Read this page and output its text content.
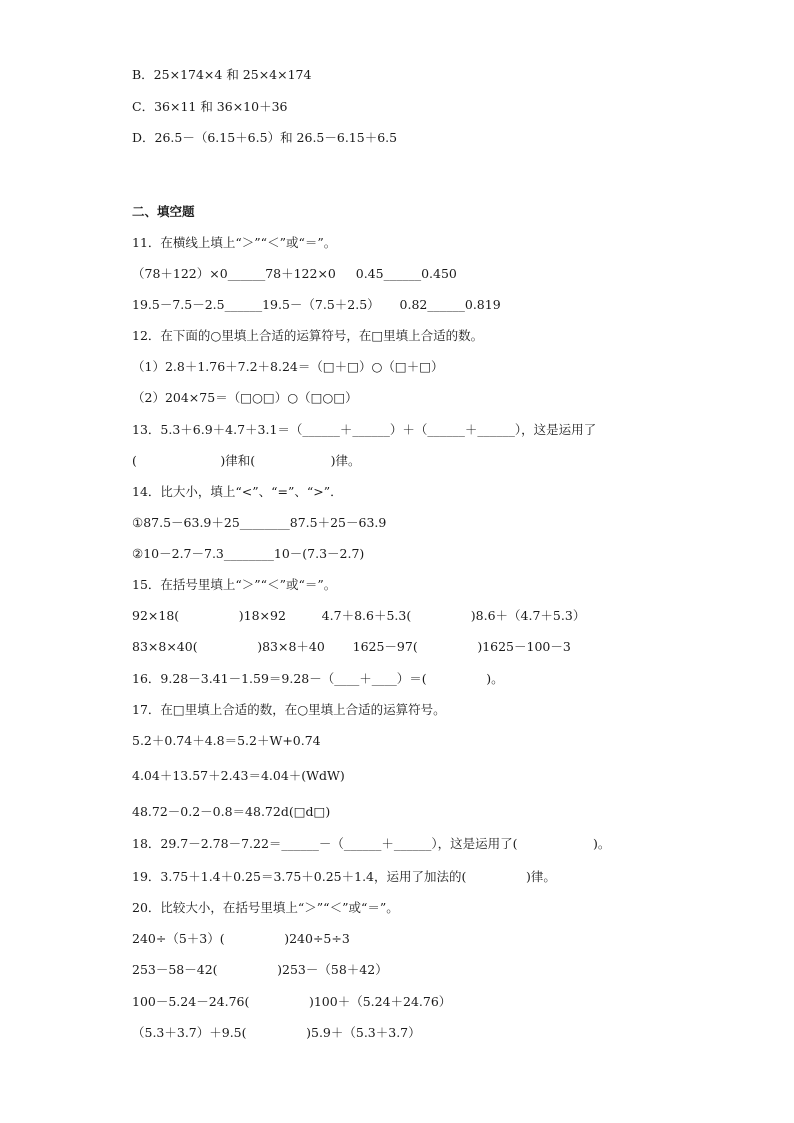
B．25×174×4 和 25×4×174
C．36×11 和 36×10＋36
D．26.5－（6.15＋6.5）和 26.5－6.15＋6.5
二、填空题
11．在横线上填上“＞”“＜”或“＝”。
（78＋122）×0______78＋122×0     0.45______0.450
19.5－7.5－2.5______19.5－（7.5＋2.5）     0.82______0.819
12．在下面的○里填上合适的运算符号，在□里填上合适的数。
（1）2.8＋1.76＋7.2＋8.24＝（□＋□）○（□＋□）
（2）204×75＝（□○□）○（□○□）
13．5.3＋6.9＋4.7＋3.1＝（______＋______）＋（______＋______），这是运用了
(                     )律和(                   )律。
14．比大小，填上“<”、“=”、“>”．
①87.5－63.9＋25________87.5＋25－63.9
②10－2.7－7.3________10－(7.3－2.7)
15．在括号里填上“＞”“＜”或“＝”。
92×18(               )18×92         4.7＋8.6＋5.3(               )8.6＋（4.7＋5.3）
83×8×40(               )83×8＋40       1625－97(               )1625－100－3
16．9.28－3.41－1.59＝9.28－（____＋____）＝(               )。
17．在□里填上合适的数，在○里填上合适的运算符号。
5.2＋0.74＋4.8＝5.2＋W+0.74
4.04＋13.57＋2.43＝4.04＋(WdW)
48.72－0.2－0.8＝48.72d(□d□)
18．29.7－2.78－7.22＝______－（______＋______），这是运用了(                   )。
19．3.75＋1.4＋0.25＝3.75＋0.25＋1.4，运用了加法的(               )律。
20．比较大小，在括号里填上“＞”“＜”或“＝”。
240÷（5＋3）(               )240÷5÷3
253－58－42(               )253－（58＋42）
100－5.24－24.76(               )100＋（5.24＋24.76）
（5.3＋3.7）＋9.5(               )5.9＋（5.3＋3.7）
